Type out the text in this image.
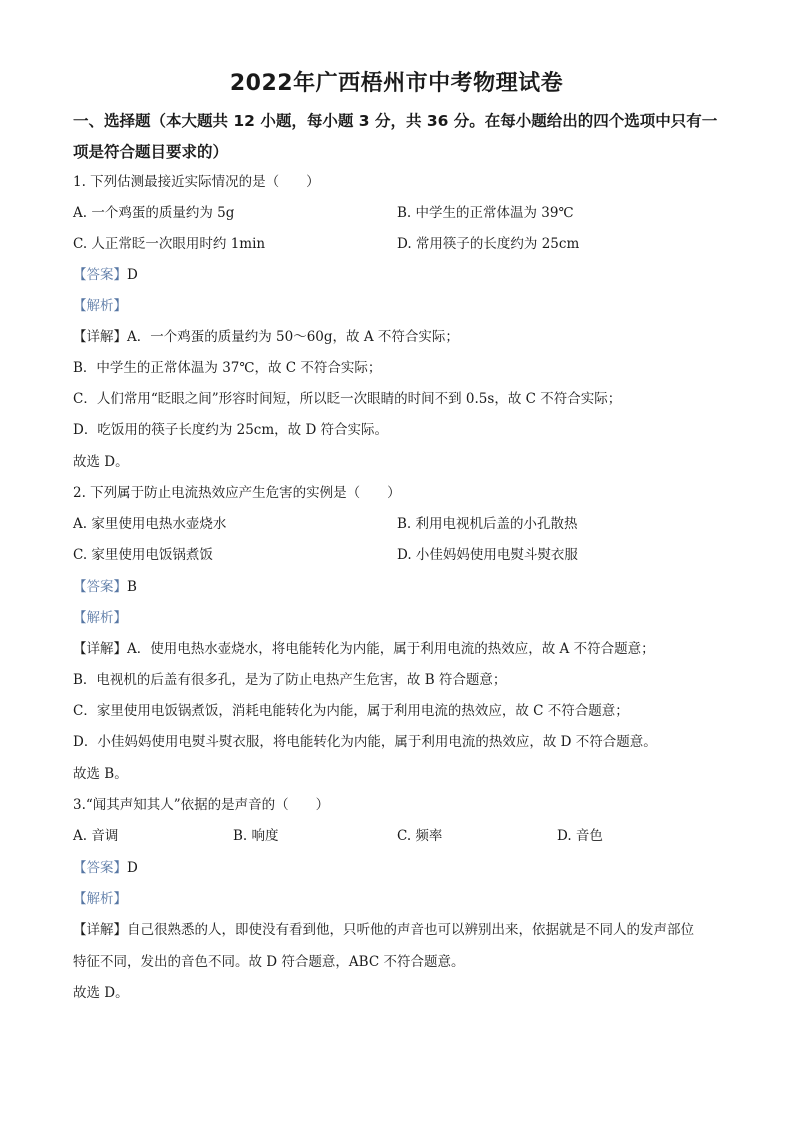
2022年广西梧州市中考物理试卷
一、选择题（本大题共 12 小题，每小题 3 分，共 36 分。在每小题给出的四个选项中只有一项是符合题目要求的）
1. 下列估测最接近实际情况的是（　　）
A. 一个鸡蛋的质量约为 5g	B. 中学生的正常体温为 39℃
C. 人正常眨一次眼用时约 1min	D. 常用筷子的长度约为 25cm
【答案】D
【解析】
【详解】A．一个鸡蛋的质量约为 50～60g，故 A 不符合实际；
B．中学生的正常体温为 37℃，故 C 不符合实际；
C．人们常用“眨眼之间”形容时间短，所以眨一次眼睛的时间不到 0.5s，故 C 不符合实际；
D．吃饭用的筷子长度约为 25cm，故 D 符合实际。
故选 D。
2. 下列属于防止电流热效应产生危害的实例是（　　）
A. 家里使用电热水壶烧水	B. 利用电视机后盖的小孔散热
C. 家里使用电饭锅煮饭	D. 小佳妈妈使用电熨斗熨衣服
【答案】B
【解析】
【详解】A．使用电热水壶烧水，将电能转化为内能，属于利用电流的热效应，故 A 不符合题意；
B．电视机的后盖有很多孔，是为了防止电热产生危害，故 B 符合题意；
C．家里使用电饭锅煮饭，消耗电能转化为内能，属于利用电流的热效应，故 C 不符合题意；
D．小佳妈妈使用电熨斗熨衣服，将电能转化为内能，属于利用电流的热效应，故 D 不符合题意。
故选 B。
3.“闻其声知其人”依据的是声音的（　　）
A. 音调	B. 响度	C. 频率	D. 音色
【答案】D
【解析】
【详解】自己很熟悉的人，即使没有看到他，只听他的声音也可以辨别出来，依据就是不同人的发声部位
特征不同，发出的音色不同。故 D 符合题意，ABC 不符合题意。
故选 D。
